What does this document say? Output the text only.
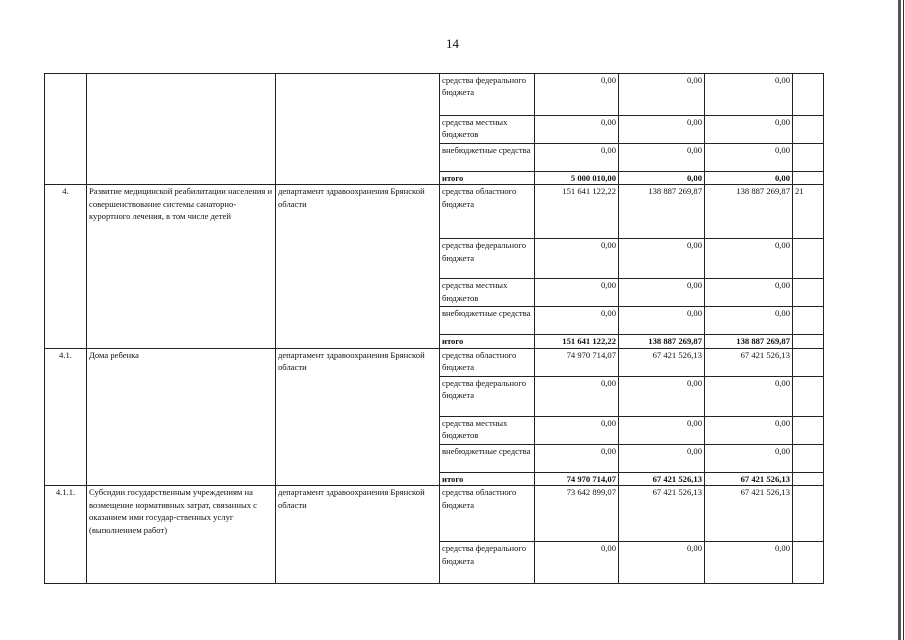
14
			средства федерального бюджета	0,00	0,00	0,00	
			средства местных бюджетов	0,00	0,00	0,00	
			внебюджетные средства	0,00	0,00	0,00	
			итого	5 000 010,00	0,00	0,00	
4.	Развитие медицинской реабилитации населения и совершенствование системы санаторно-курортного лечения, в том числе детей	департамент здравоохранения Брянской области	средства областного бюджета	151 641 122,22	138 887 269,87	138 887 269,87	21
			средства федерального бюджета	0,00	0,00	0,00	
			средства местных бюджетов	0,00	0,00	0,00	
			внебюджетные средства	0,00	0,00	0,00	
			итого	151 641 122,22	138 887 269,87	138 887 269,87	
4.1.	Дома ребенка	департамент здравоохранения Брянской области	средства областного бюджета	74 970 714,07	67 421 526,13	67 421 526,13	
			средства федерального бюджета	0,00	0,00	0,00	
			средства местных бюджетов	0,00	0,00	0,00	
			внебюджетные средства	0,00	0,00	0,00	
			итого	74 970 714,07	67 421 526,13	67 421 526,13	
4.1.1.	Субсидии государственным учреждениям на возмещение нормативных затрат, связанных с оказанием ими государ-ственных услуг (выполнением работ)	департамент здравоохранения Брянской области	средства областного бюджета	73 642 899,07	67 421 526,13	67 421 526,13	
			средства федерального бюджета	0,00	0,00	0,00	
